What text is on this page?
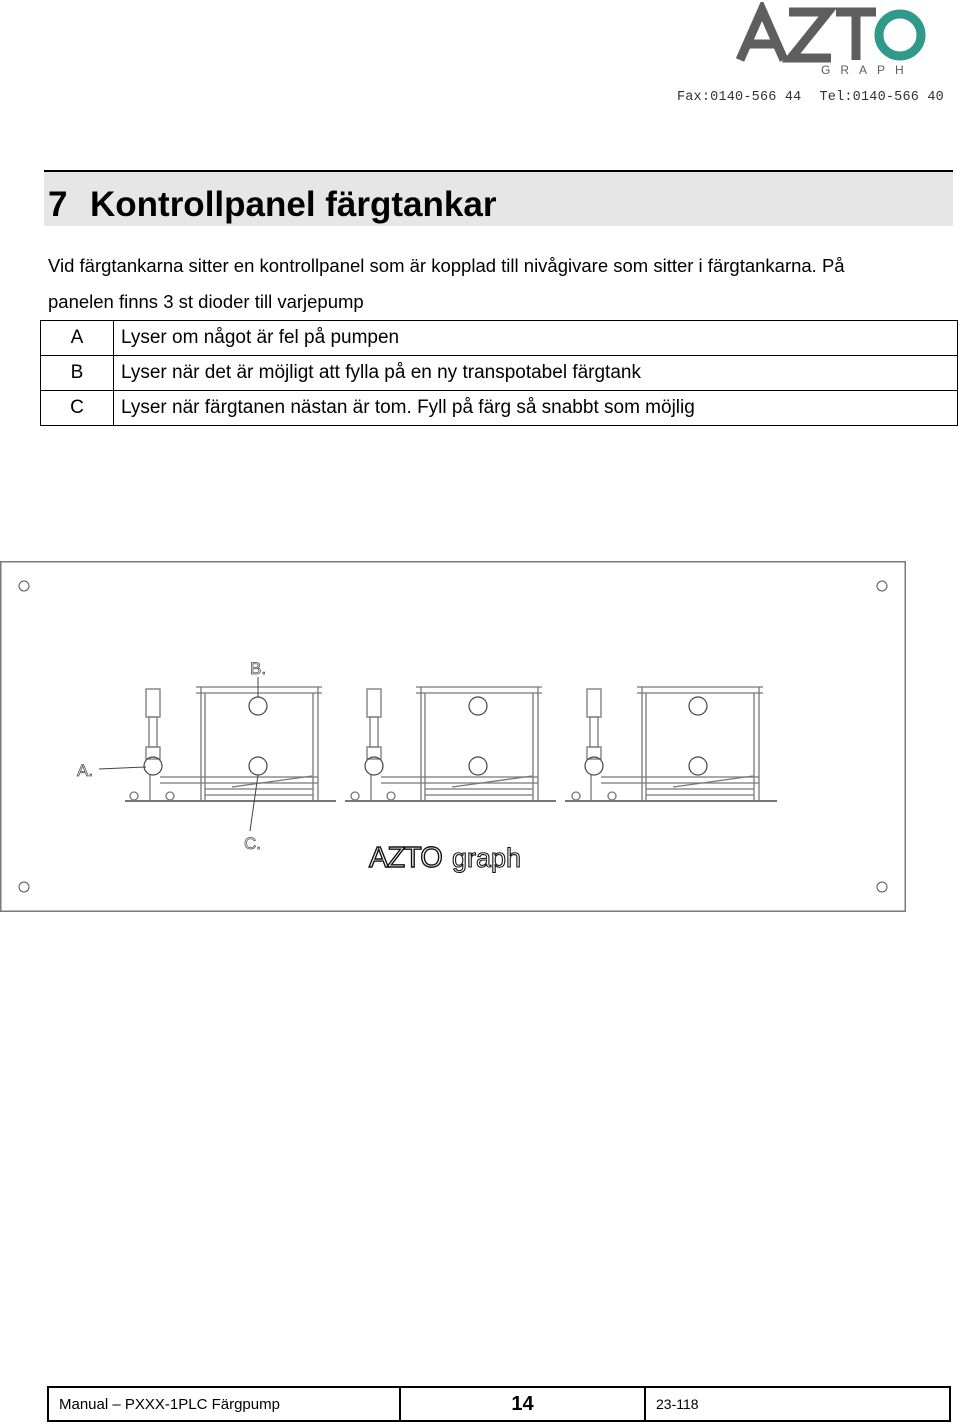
GRAPH
Fax:0140-566 44 Tel:0140-566 40
7 Kontrollpanel färgtankar
Vid färgtankarna sitter en kontrollpanel som är kopplad till nivågivare som sitter i färgtankarna. På
panelen finns 3 st dioder till varjepump
A	Lyser om något är fel på pumpen
B	Lyser när det är möjligt att fylla på en ny transpotabel färgtank
C	Lyser när färgtanen nästan är tom. Fyll på färg så snabbt som möjlig
A.
B.
C.	AZTO graph
Manual – PXXX-1PLC Färgpump	14	23-118
